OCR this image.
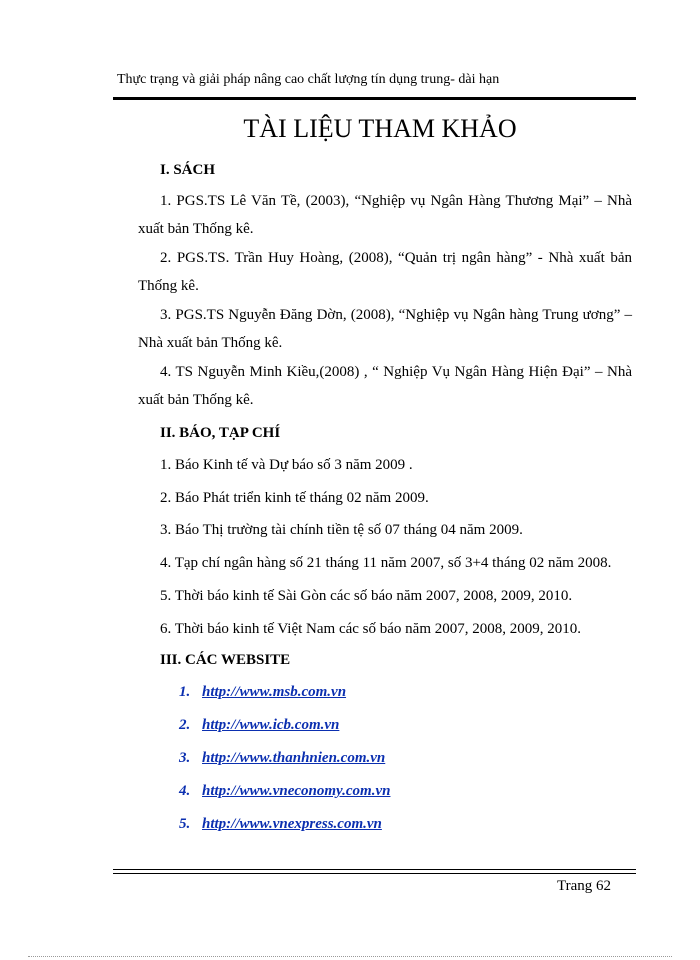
Thực trạng và giải pháp nâng cao chất lượng tín dụng trung- dài hạn
TÀI LIỆU THAM KHẢO
I. SÁCH
1. PGS.TS Lê Văn Tề, (2003), “Nghiệp vụ Ngân Hàng Thương Mại” – Nhà xuất bản Thống kê.
2. PGS.TS. Trần Huy Hoàng, (2008), “Quản trị ngân hàng” - Nhà xuất bản Thống kê.
3. PGS.TS Nguyễn Đăng Dờn, (2008), “Nghiệp vụ Ngân hàng Trung ương” – Nhà xuất bản Thống kê.
4. TS Nguyễn Minh Kiều,(2008) , “ Nghiệp Vụ Ngân Hàng Hiện Đại” – Nhà xuất bản Thống kê.
II. BÁO, TẠP CHÍ
1. Báo Kinh tế và Dự báo số 3 năm 2009 .
2. Báo Phát triển kinh tế tháng 02 năm 2009.
3. Báo Thị trường tài chính tiền tệ số 07 tháng 04 năm 2009.
4. Tạp chí ngân hàng số 21 tháng 11 năm 2007, số 3+4 tháng 02 năm 2008.
5. Thời báo kinh tế Sài Gòn các số báo năm 2007, 2008, 2009, 2010.
6. Thời báo kinh tế Việt Nam các số báo năm 2007, 2008, 2009, 2010.
III. CÁC WEBSITE
1. http://www.msb.com.vn
2. http://www.icb.com.vn
3. http://www.thanhnien.com.vn
4. http://www.vneconomy.com.vn
5. http://www.vnexpress.com.vn
Trang 62
